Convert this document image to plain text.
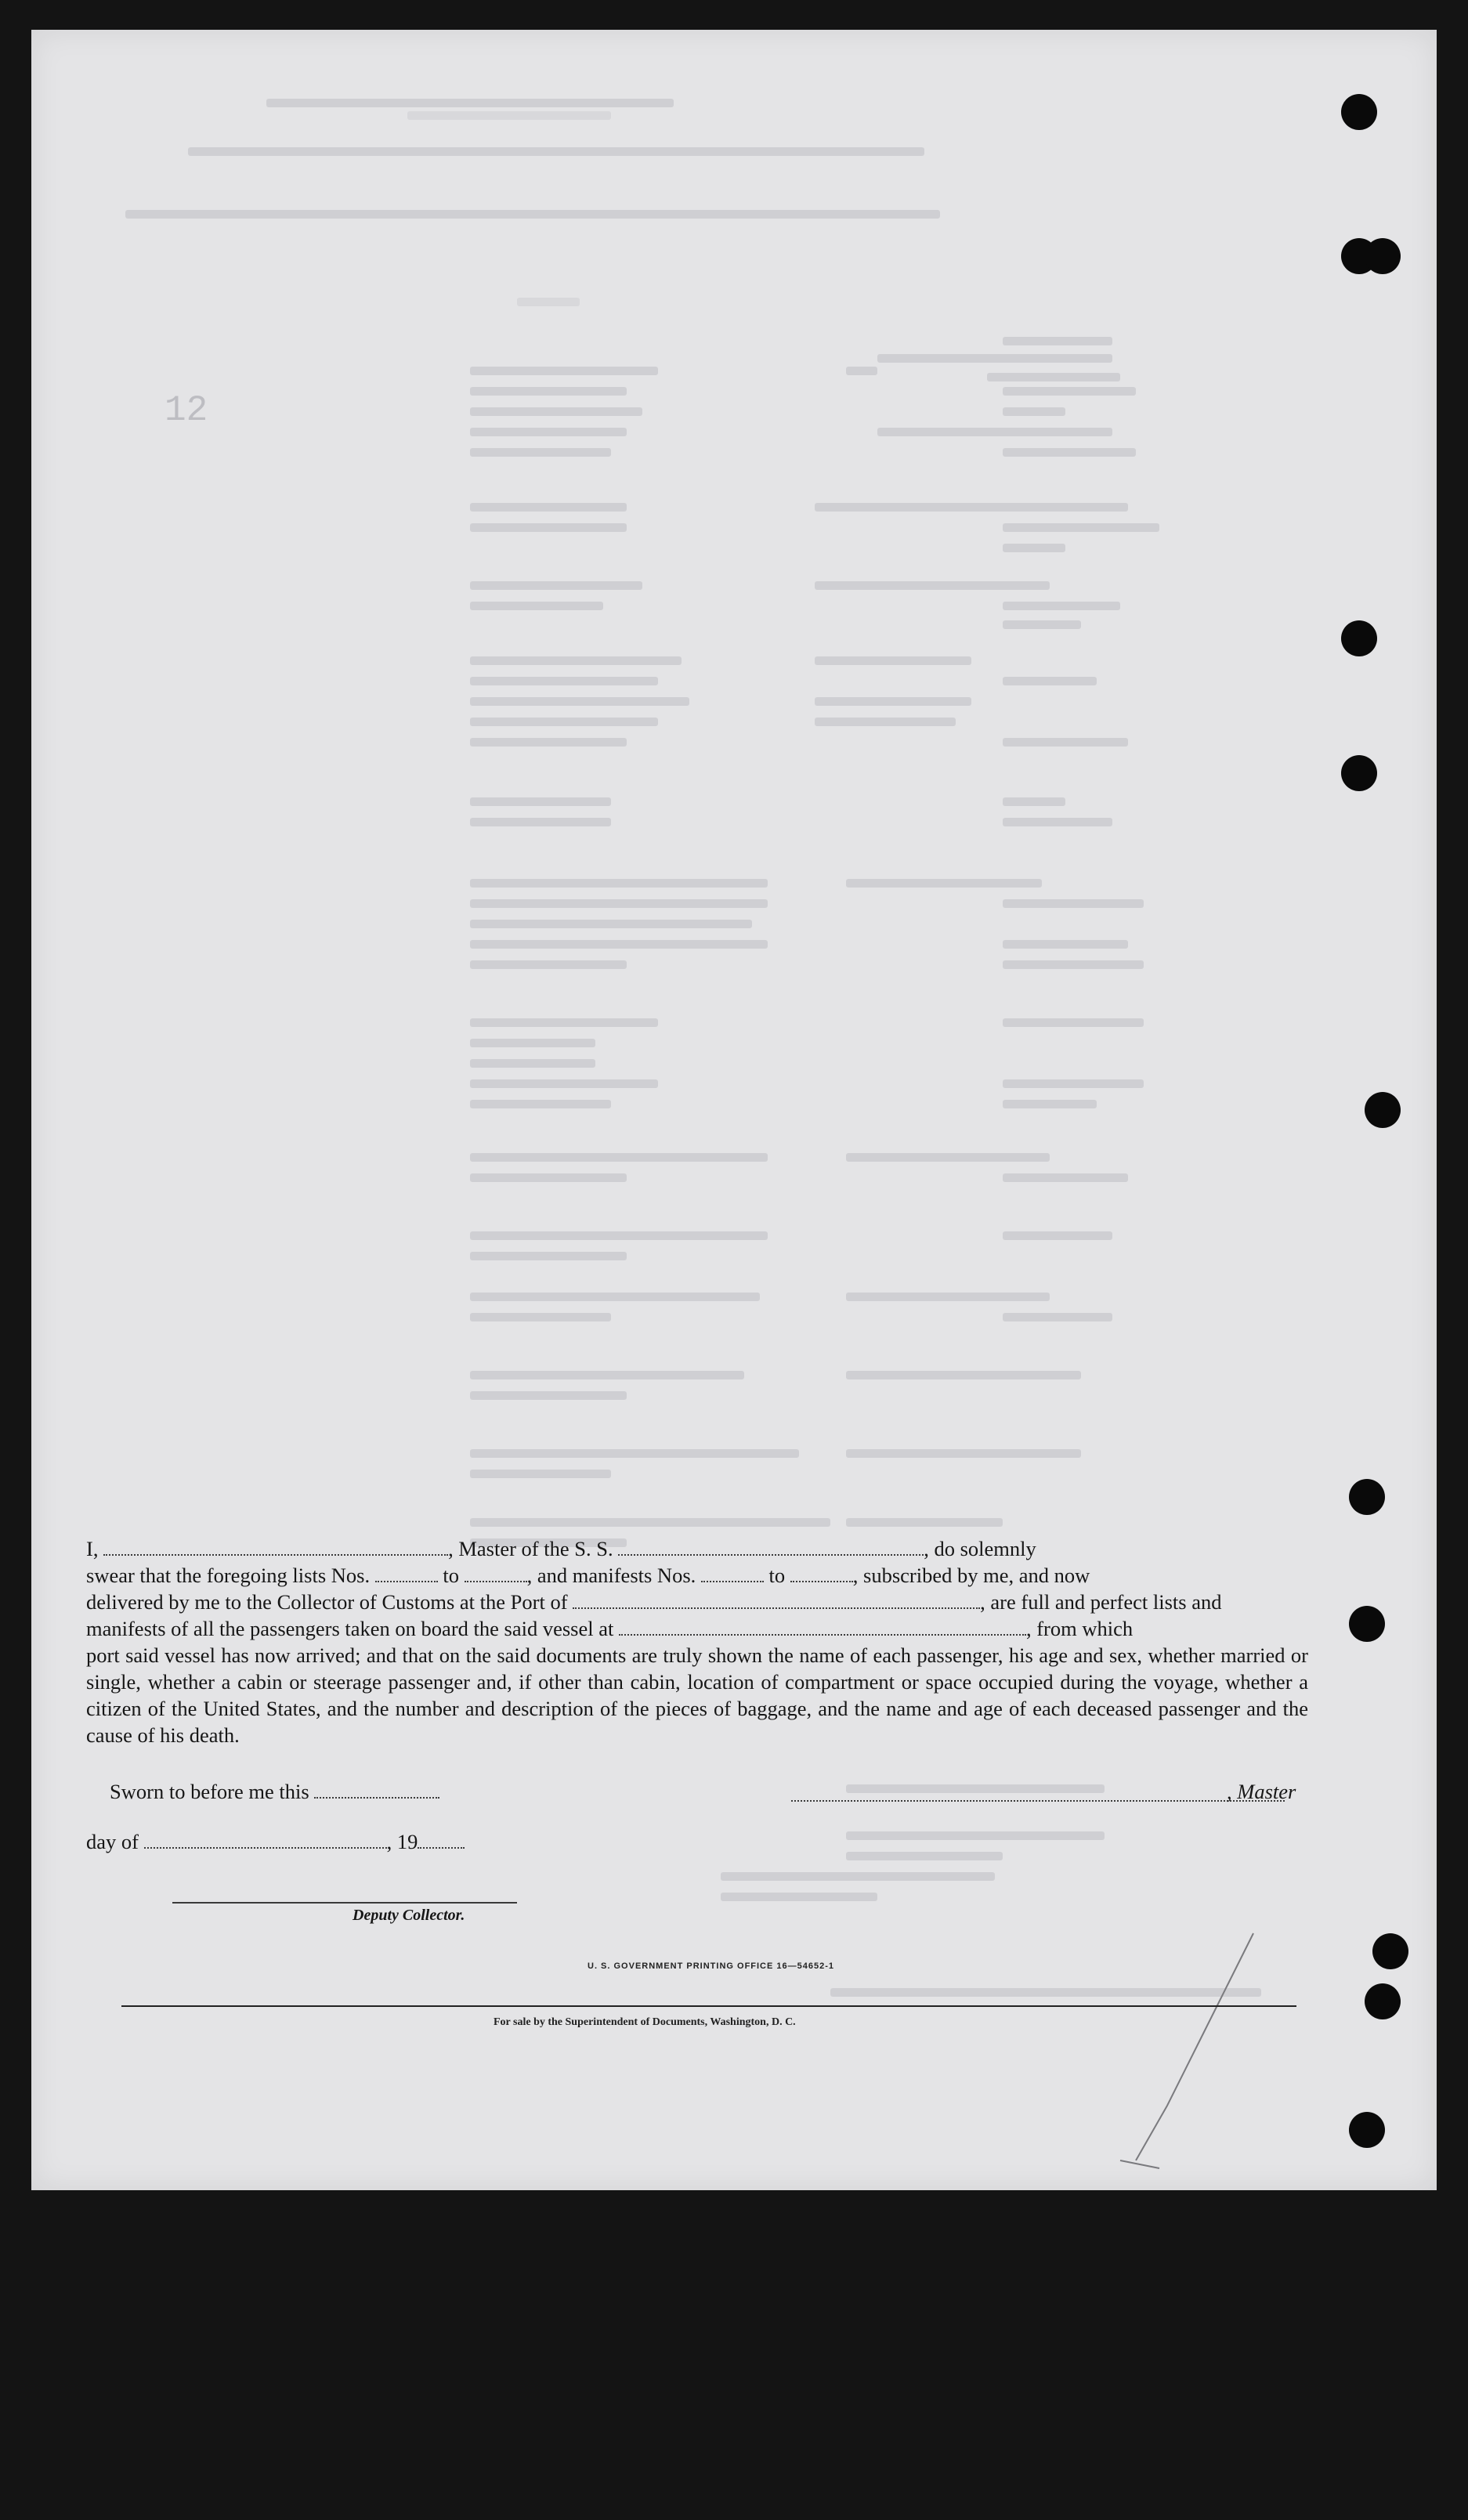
12

I,	, Master of the S. S.	, do solemnly

swear that the foregoing lists Nos.	to	, and manifests Nos.	to	, subscribed by me, and now

delivered by me to the Collector of Customs at the Port of	, are full and perfect lists and

manifests of all the passengers taken on board the said vessel at	, from which

port said vessel has now arrived; and that on the said documents are truly shown the name of each passenger, his age and sex, whether married or single, whether a cabin or steerage passenger and, if other than cabin, location of compartment or space occupied during the voyage, whether a citizen of the United States, and the number and description of the pieces of baggage, and the name and age of each deceased passenger and the cause of his death.

Sworn to before me this	, Master
day of	, 19
Deputy Collector.
U. S. GOVERNMENT PRINTING OFFICE 16—54652-1
For sale by the Superintendent of Documents, Washington, D. C.
